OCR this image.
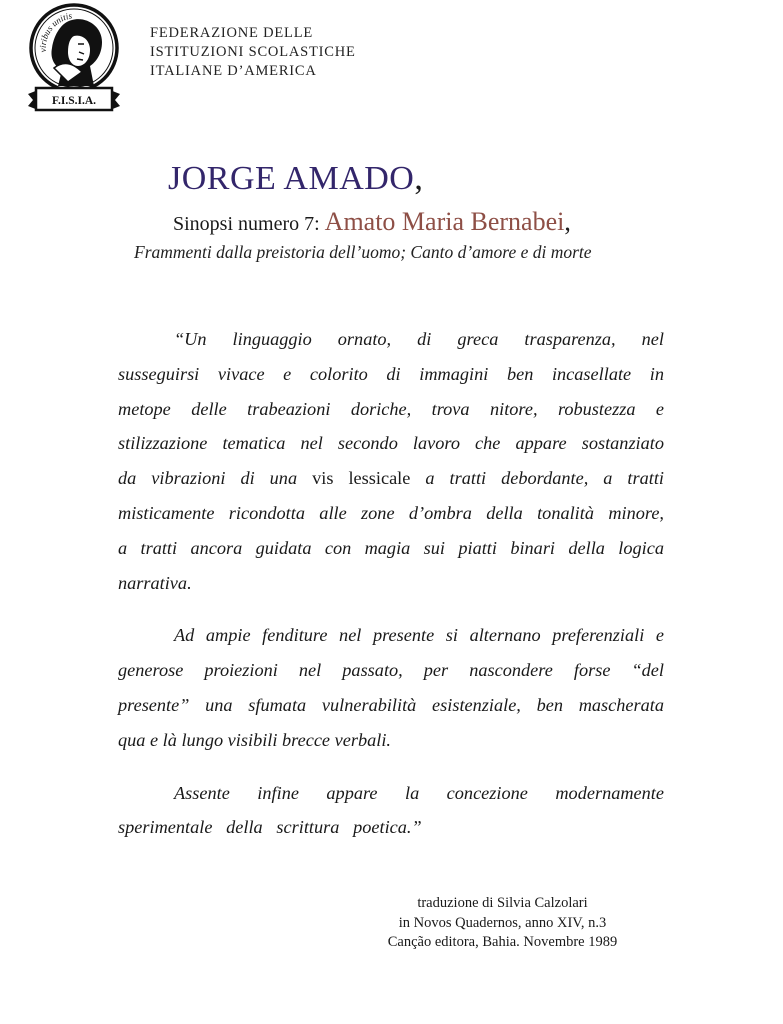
viribus unitis
F.I.S.I.A.
FEDERAZIONE DELLE
ISTITUZIONI SCOLASTICHE
ITALIANE D’AMERICA
JORGE AMADO,
Sinopsi numero 7: Amato Maria Bernabei,
Frammenti dalla preistoria dell’uomo; Canto d’amore e di morte
“Un linguaggio ornato, di greca trasparenza, nel
susseguirsi vivace e colorito di immagini ben incasellate in
metope delle trabeazioni doriche, trova nitore, robustezza e
stilizzazione tematica nel secondo lavoro che appare sostanziato
da vibrazioni di una vis lessicale a tratti debordante, a tratti
misticamente ricondotta alle zone d’ombra della tonalità minore,
a tratti ancora guidata con magia sui piatti binari della logica
narrativa.
Ad ampie fenditure nel presente si alternano preferenziali e
generose proiezioni nel passato, per nascondere forse “del
presente” una sfumata vulnerabilità esistenziale, ben mascherata
qua e là lungo visibili brecce verbali.
Assente infine appare la concezione modernamente
sperimentale   della   scrittura   poetica.”
traduzione di Silvia Calzolari
in Novos Quadernos, anno XIV, n.3
Canção editora, Bahia. Novembre 1989
